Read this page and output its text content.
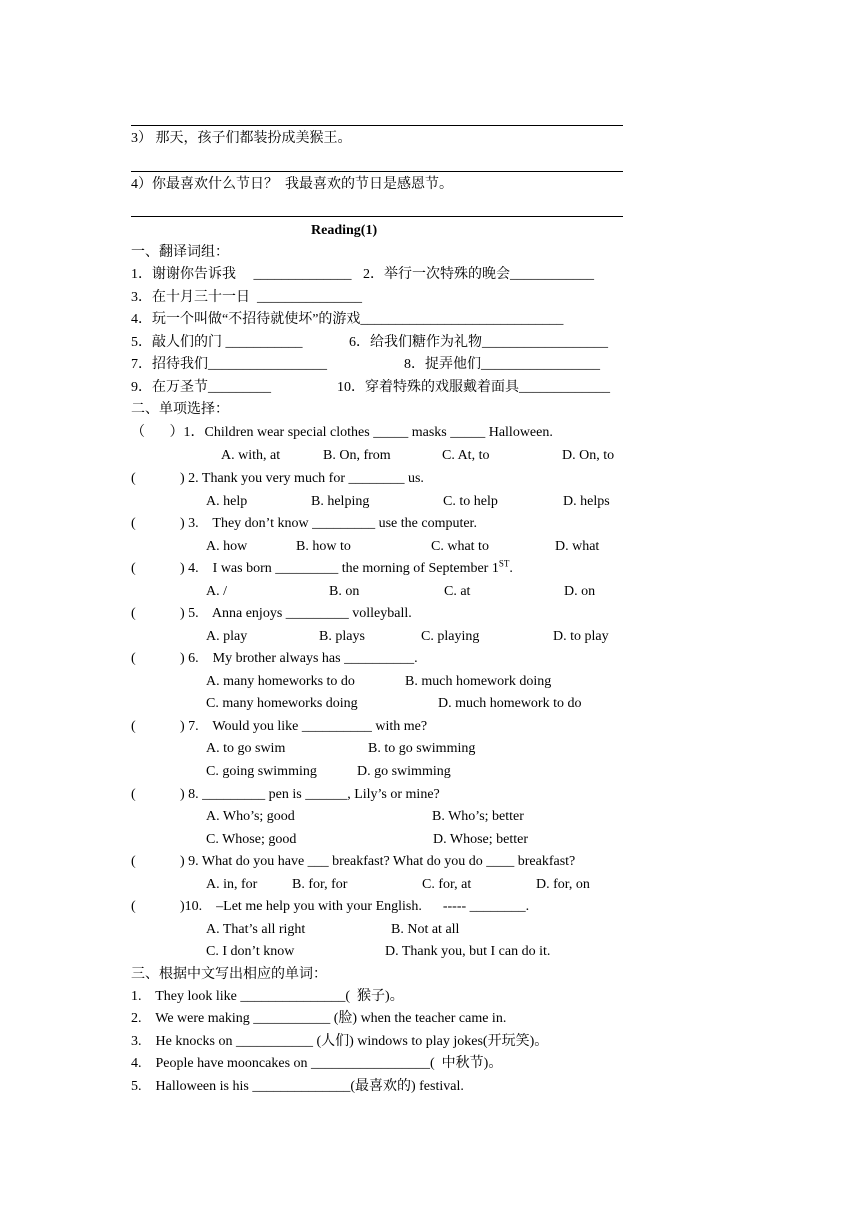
3） 那天，孩子们都装扮成美猴王。
4）你最喜欢什么节日？  我最喜欢的节日是感恩节。
Reading(1)
一、翻译词组：
1．谢谢你告诉我     ______________ 2．举行一次特殊的晚会____________
3．在十月三十一日  _______________
4．玩一个叫做“不招待就使坏”的游戏_____________________________
5．敲人们的门 ___________	6．给我们糖作为礼物__________________
7．招待我们_________________	8．捉弄他们_________________
9．在万圣节_________	10．穿着特殊的戏服戴着面具_____________
二、单项选择：
（       ）1．Children wear special clothes _____ masks _____ Halloween.
A. with, at	B. On, from	C. At, to	D. On, to
(	) 2. Thank you very much for ________ us.
A. help	B. helping	C. to help	D. helps
(	) 3.    They don’t know _________ use the computer.
A. how	B. how to	C. what to	D. what
(	) 4.    I was born _________ the morning of September 1ST.
A. /	B. on	C. at	D. on
(	) 5.    Anna enjoys _________ volleyball.
A. play	B. plays	C. playing	D. to play
(	) 6.    My brother always has __________.
A. many homeworks to do	B. much homework doing
C. many homeworks doing	D. much homework to do
(	) 7.    Would you like __________ with me?
A. to go swim	B. to go swimming
C. going swimming	D. go swimming
(	) 8. _________ pen is ______, Lily’s or mine?
A. Who’s; good	B. Who’s; better
C. Whose; good	D. Whose; better
(	) 9. What do you have ___ breakfast? What do you do ____ breakfast?
A. in, for B. for, for	C. for, at	D. for, on
(	)10.    –Let me help you with your English.      ----- ________.
A. That’s all right	B. Not at all
C. I don’t know	D. Thank you, but I can do it.
三、根据中文写出相应的单词：
1.    They look like _______________(  猴子)。
2.    We were making ___________ (脸) when the teacher came in.
3.    He knocks on ___________ (人们) windows to play jokes(开玩笑)。
4.    People have mooncakes on _________________(  中秋节)。
5.    Halloween is his ______________(最喜欢的) festival.
